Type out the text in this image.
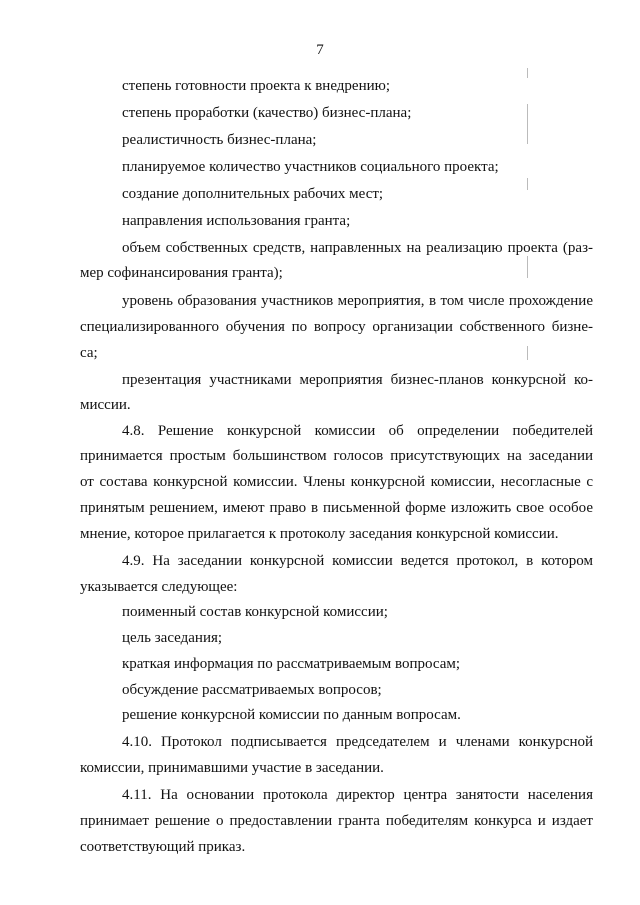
7
степень готовности проекта к внедрению;
степень проработки (качество) бизнес-плана;
реалистичность бизнес-плана;
планируемое количество участников социального проекта;
создание дополнительных рабочих мест;
направления использования гранта;
объем собственных средств, направленных на реализацию проекта (раз-
мер софинансирования гранта);
уровень образования участников мероприятия, в том числе прохождение
специализированного обучения по вопросу организации собственного бизне-
са;
презентация участниками мероприятия бизнес-планов конкурсной ко-
миссии.
4.8. Решение конкурсной комиссии об определении победителей
принимается простым большинством голосов присутствующих на заседании
от состава конкурсной комиссии. Члены конкурсной комиссии, несогласные с
принятым решением, имеют право в письменной форме изложить свое особое
мнение, которое прилагается к протоколу заседания конкурсной комиссии.
4.9. На заседании конкурсной комиссии ведется протокол, в котором
указывается следующее:
поименный состав конкурсной комиссии;
цель заседания;
краткая информация по рассматриваемым вопросам;
обсуждение рассматриваемых вопросов;
решение конкурсной комиссии по данным вопросам.
4.10. Протокол подписывается председателем и членами конкурсной
комиссии, принимавшими участие в заседании.
4.11. На основании протокола директор центра занятости населения
принимает решение о предоставлении гранта победителям конкурса и издает
соответствующий приказ.
